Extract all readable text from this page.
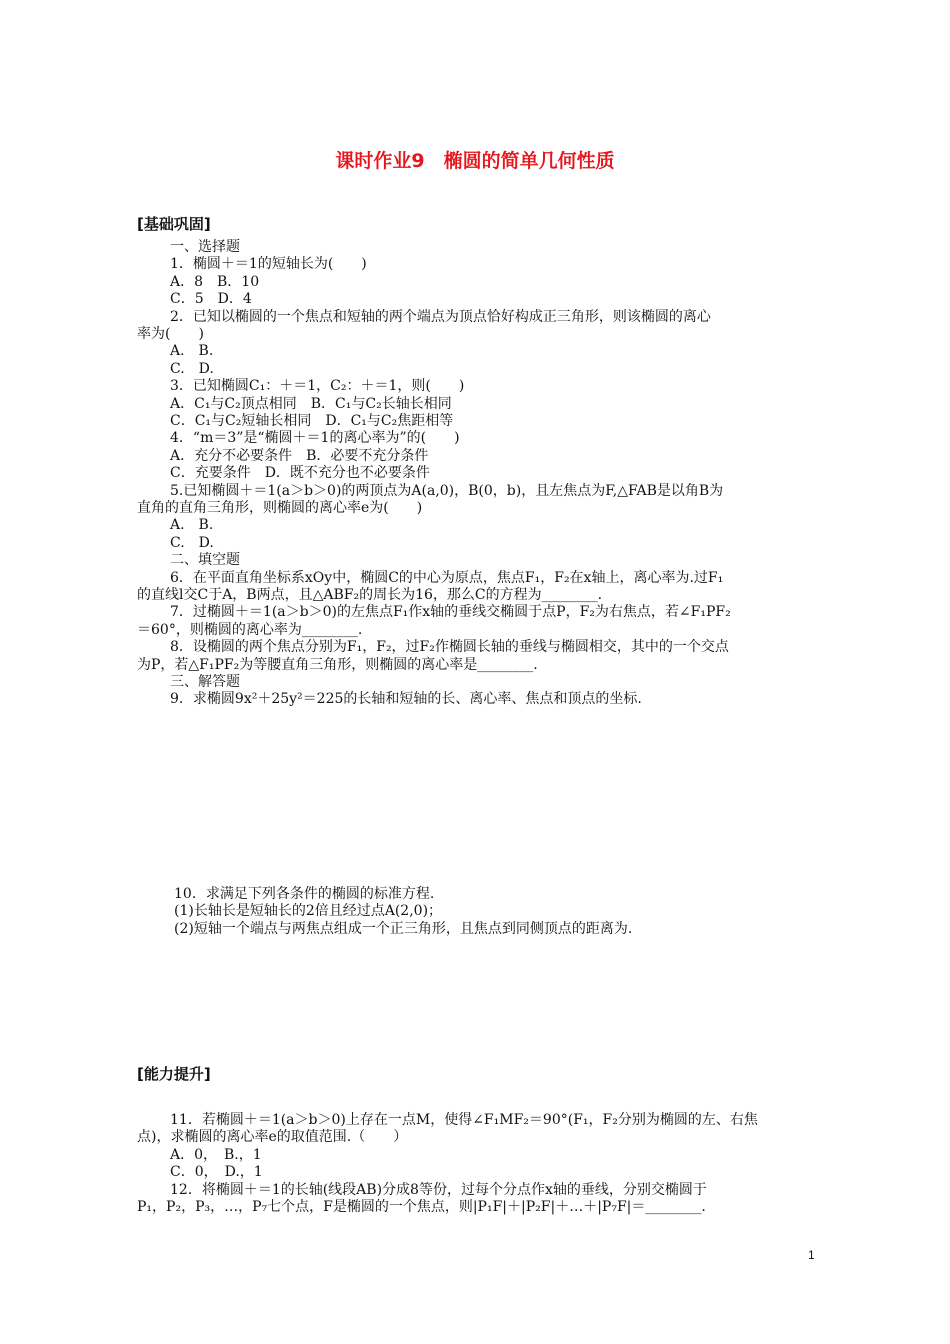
课时作业9　椭圆的简单几何性质
[基础巩固]
一、选择题
1．椭圆＋＝1的短轴长为(　　)
A．8　B．10
C．5　D．4
2．已知以椭圆的一个焦点和短轴的两个端点为顶点恰好构成正三角形，则该椭圆的离心
率为(　　)
A.　B.
C.　D.
3．已知椭圆C₁：＋＝1，C₂：＋＝1，则(　　)
A．C₁与C₂顶点相同　B．C₁与C₂长轴长相同
C．C₁与C₂短轴长相同　D．C₁与C₂焦距相等
4．“m＝3”是“椭圆＋＝1的离心率为”的(　　)
A．充分不必要条件　B．必要不充分条件
C．充要条件　D．既不充分也不必要条件
5.已知椭圆＋＝1(a＞b＞0)的两顶点为A(a,0)，B(0，b)，且左焦点为F,△FAB是以角B为
直角的直角三角形，则椭圆的离心率e为(　　)
A.　B.
C.　D.
二、填空题
6．在平面直角坐标系xOy中，椭圆C的中心为原点，焦点F₁，F₂在x轴上，离心率为.过F₁
的直线l交C于A，B两点，且△ABF₂的周长为16，那么C的方程为________.
7．过椭圆＋＝1(a＞b＞0)的左焦点F₁作x轴的垂线交椭圆于点P，F₂为右焦点，若∠F₁PF₂
＝60°，则椭圆的离心率为________.
8．设椭圆的两个焦点分别为F₁，F₂，过F₂作椭圆长轴的垂线与椭圆相交，其中的一个交点
为P，若△F₁PF₂为等腰直角三角形，则椭圆的离心率是________.
三、解答题
9．求椭圆9x²＋25y²＝225的长轴和短轴的长、离心率、焦点和顶点的坐标.
10．求满足下列各条件的椭圆的标准方程.
(1)长轴长是短轴长的2倍且经过点A(2,0)；
(2)短轴一个端点与两焦点组成一个正三角形，且焦点到同侧顶点的距离为.
[能力提升]
11．若椭圆＋＝1(a＞b＞0)上存在一点M，使得∠F₁MF₂＝90°(F₁，F₂分别为椭圆的左、右焦
点)，求椭圆的离心率e的取值范围.（　　）
A．0，　B.，1
C．0，　D.，1
12．将椭圆＋＝1的长轴(线段AB)分成8等份，过每个分点作x轴的垂线，分别交椭圆于
P₁，P₂，P₃，…，P₇七个点，F是椭圆的一个焦点，则|P₁F|＋|P₂F|＋…＋|P₇F|＝________.
1
